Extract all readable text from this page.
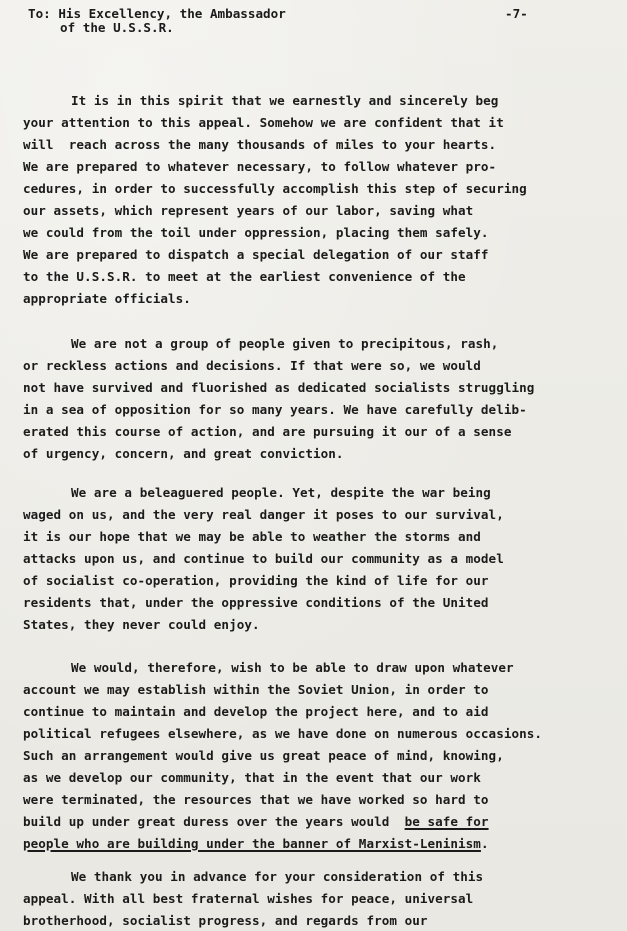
To: His Excellency, the Ambassador
of the U.S.S.R.
-7-
It is in this spirit that we earnestly and sincerely beg
your attention to this appeal. Somehow we are confident that it
will  reach across the many thousands of miles to your hearts.
We are prepared to whatever necessary, to follow whatever pro-
cedures, in order to successfully accomplish this step of securing
our assets, which represent years of our labor, saving what
we could from the toil under oppression, placing them safely.
We are prepared to dispatch a special delegation of our staff
to the U.S.S.R. to meet at the earliest convenience of the
appropriate officials.
We are not a group of people given to precipitous, rash,
or reckless actions and decisions. If that were so, we would
not have survived and fluorished as dedicated socialists struggling
in a sea of opposition for so many years. We have carefully delib-
erated this course of action, and are pursuing it our of a sense
of urgency, concern, and great conviction.
We are a beleaguered people. Yet, despite the war being
waged on us, and the very real danger it poses to our survival,
it is our hope that we may be able to weather the storms and
attacks upon us, and continue to build our community as a model
of socialist co-operation, providing the kind of life for our
residents that, under the oppressive conditions of the United
States, they never could enjoy.
We would, therefore, wish to be able to draw upon whatever
account we may establish within the Soviet Union, in order to
continue to maintain and develop the project here, and to aid
political refugees elsewhere, as we have done on numerous occasions.
Such an arrangement would give us great peace of mind, knowing,
as we develop our community, that in the event that our work
were terminated, the resources that we have worked so hard to
build up under great duress over the years would be safe for
people who are building under the banner of Marxist-Leninism.
We thank you in advance for your consideration of this
appeal. With all best fraternal wishes for peace, universal
brotherhood, socialist progress, and regards from our
